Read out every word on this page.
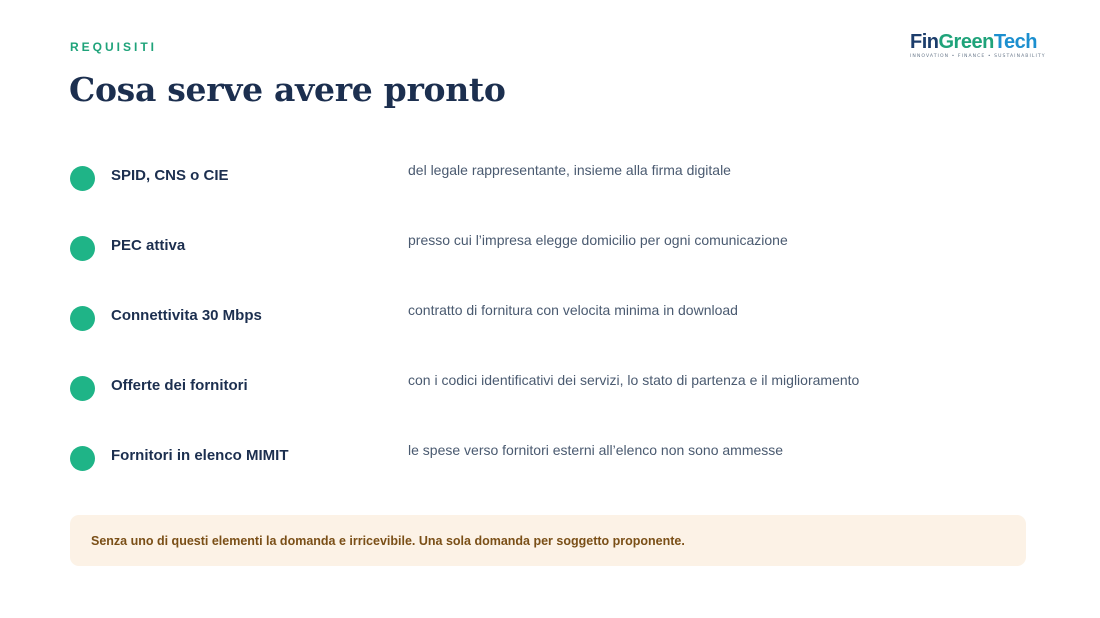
REQUISITI
Cosa serve avere pronto
FinGreenTech
INNOVATION • FINANCE • SUSTAINABILITY
SPID, CNS o CIE	del legale rappresentante, insieme alla firma digitale
PEC attiva	presso cui l’impresa elegge domicilio per ogni comunicazione
Connettivita 30 Mbps	contratto di fornitura con velocita minima in download
Offerte dei fornitori	con i codici identificativi dei servizi, lo stato di partenza e il miglioramento
Fornitori in elenco MIMIT	le spese verso fornitori esterni all’elenco non sono ammesse
Senza uno di questi elementi la domanda e irricevibile. Una sola domanda per soggetto proponente.
